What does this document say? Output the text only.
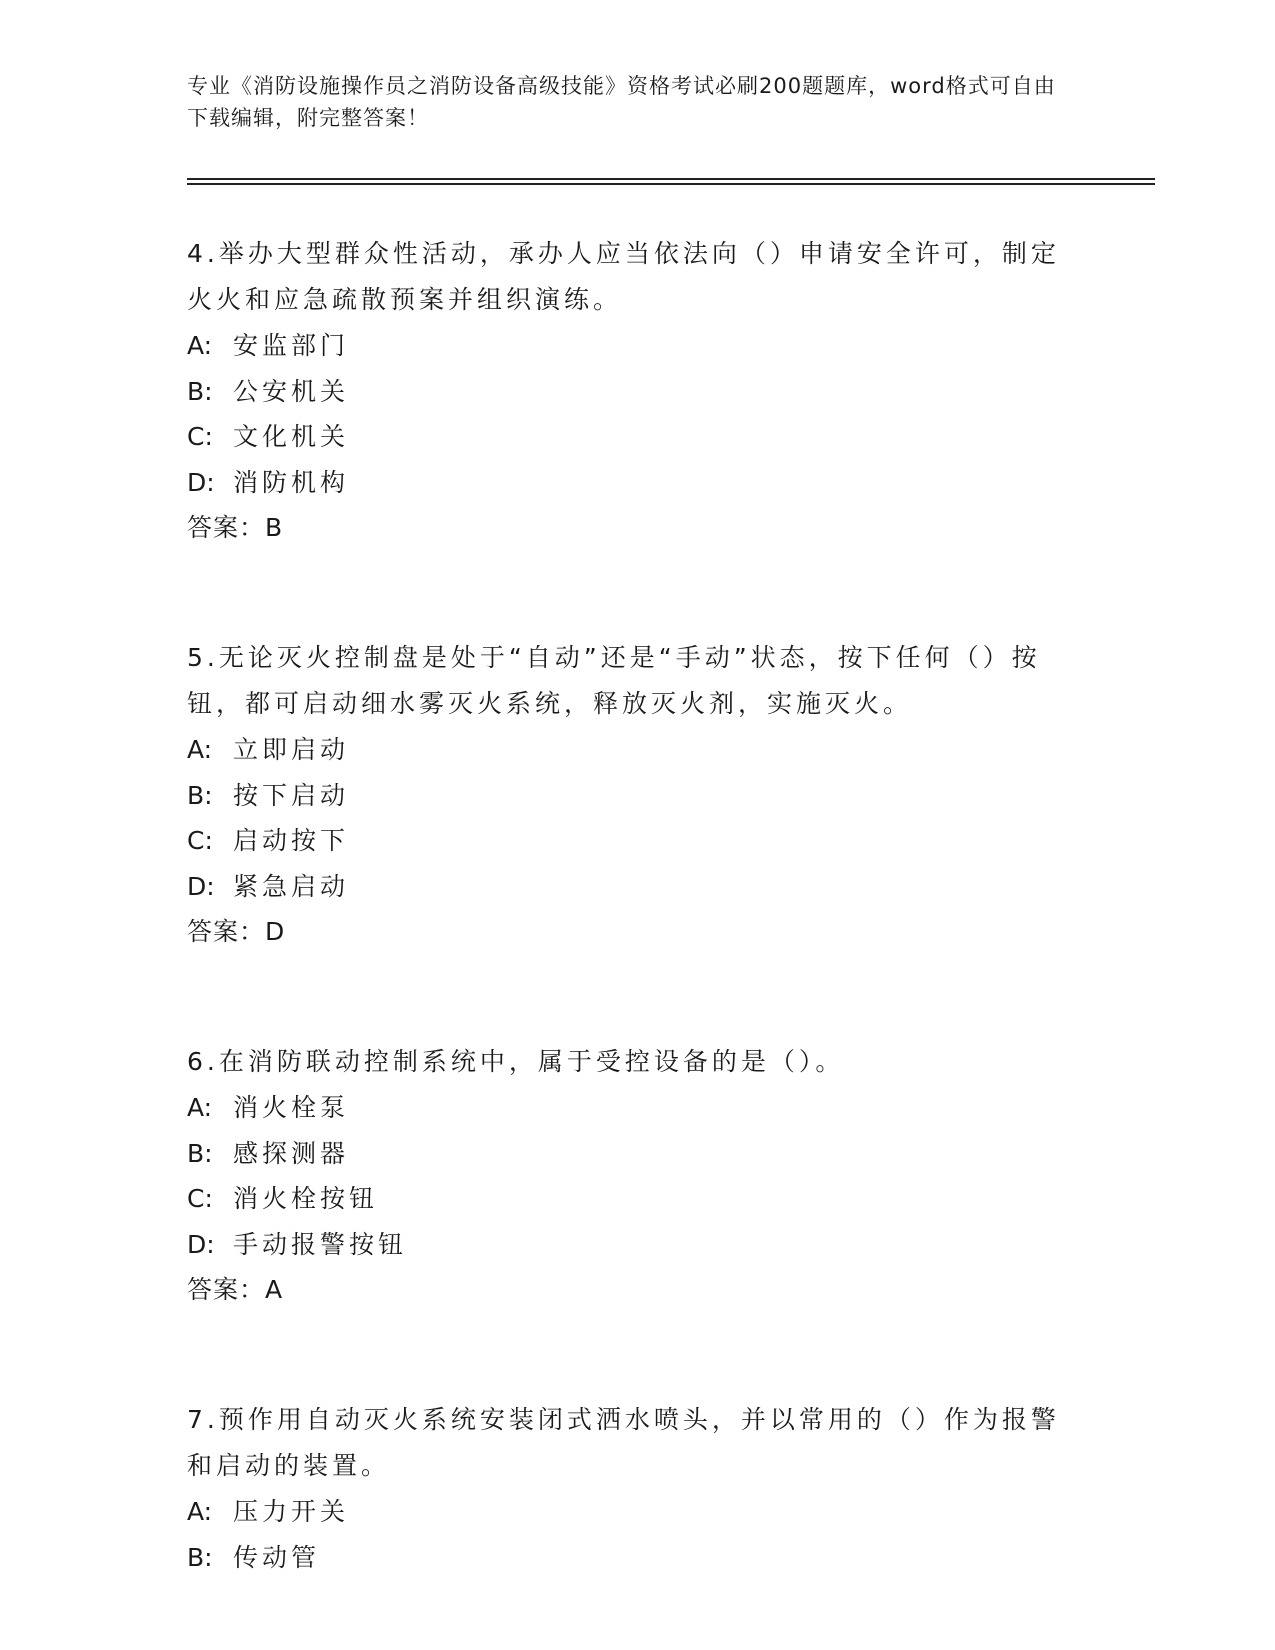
专业《消防设施操作员之消防设备高级技能》资格考试必刷200题题库，word格式可自由下载编辑，附完整答案！

4.举办大型群众性活动，承办人应当依法向（）申请安全许可，制定火火和应急疏散预案并组织演练。

A: 安监部门
B: 公安机关
C: 文化机关
D: 消防机构

答案：B

5.无论灭火控制盘是处于“自动”还是“手动”状态，按下任何（）按钮，都可启动细水雾灭火系统，释放灭火剂，实施灭火。

A: 立即启动
B: 按下启动
C: 启动按下
D: 紧急启动

答案：D

6.在消防联动控制系统中，属于受控设备的是（）。

A: 消火栓泵
B: 感探测器
C: 消火栓按钮
D: 手动报警按钮

答案：A

7.预作用自动灭火系统安装闭式洒水喷头，并以常用的（）作为报警和启动的装置。

A: 压力开关
B: 传动管
